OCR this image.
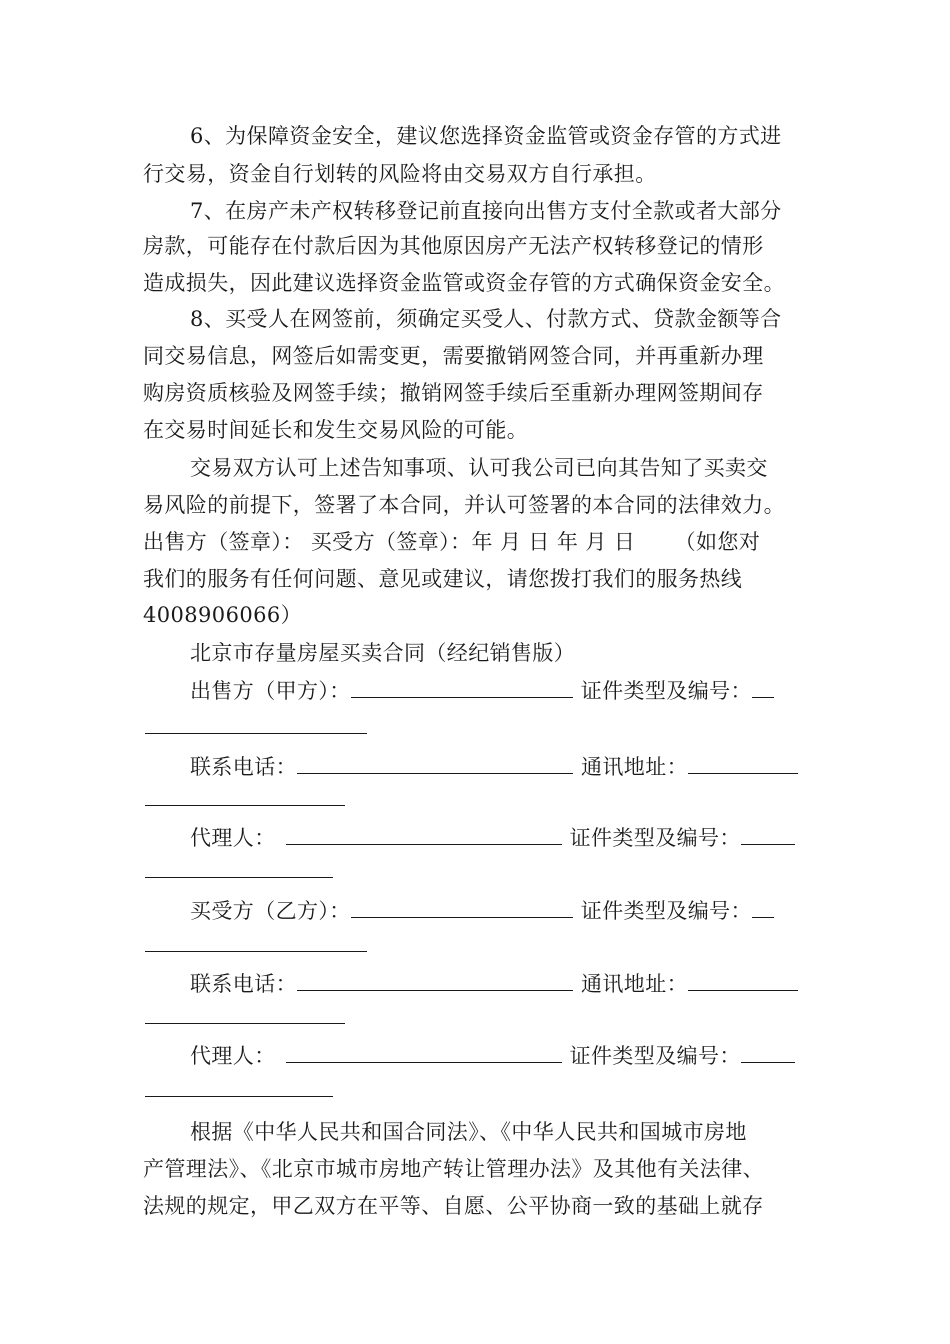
6、为保障资金安全，建议您选择资金监管或资金存管的方式进
行交易，资金自行划转的风险将由交易双方自行承担。
7、在房产未产权转移登记前直接向出售方支付全款或者大部分
房款，可能存在付款后因为其他原因房产无法产权转移登记的情形
造成损失，因此建议选择资金监管或资金存管的方式确保资金安全。
8、买受人在网签前，须确定买受人、付款方式、贷款金额等合
同交易信息，网签后如需变更，需要撤销网签合同，并再重新办理
购房资质核验及网签手续；撤销网签手续后至重新办理网签期间存
在交易时间延长和发生交易风险的可能。
交易双方认可上述告知事项、认可我公司已向其告知了买卖交
易风险的前提下，签署了本合同，并认可签署的本合同的法律效力。
出售方（签章）： 买受方（签章）：年 月 日 年 月 日 　　（如您对
我们的服务有任何问题、意见或建议，请您拨打我们的服务热线
4008906066）
北京市存量房屋买卖合同（经纪销售版）
出售方（甲方）：	证件类型及编号：
联系电话：	通讯地址：
代理人：	证件类型及编号：
买受方（乙方）：	证件类型及编号：
联系电话：	通讯地址：
代理人：	证件类型及编号：
根据《中华人民共和国合同法》、《中华人民共和国城市房地
产管理法》、《北京市城市房地产转让管理办法》及其他有关法律、
法规的规定，甲乙双方在平等、自愿、公平协商一致的基础上就存
